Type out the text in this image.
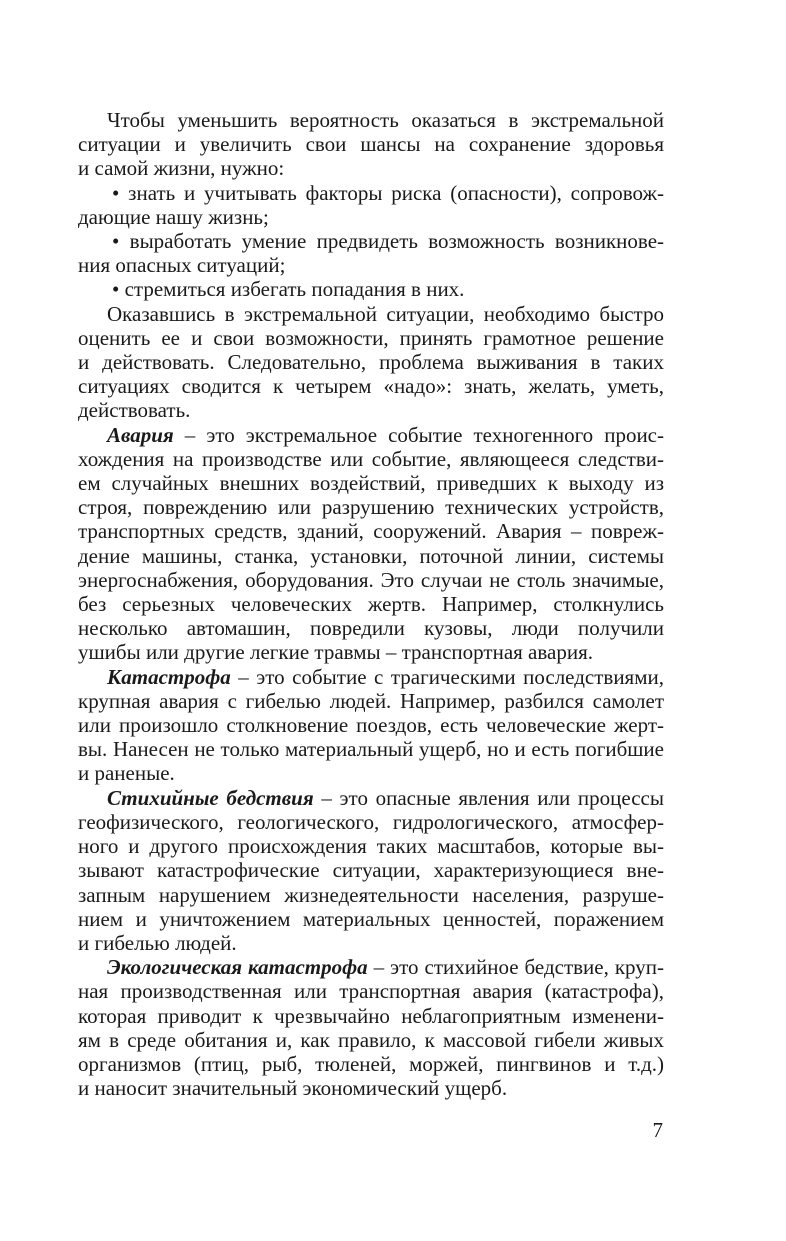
Чтобы уменьшить вероятность оказаться в экстремальной
ситуации и увеличить свои шансы на сохранение здоровья
и самой жизни, нужно:

• знать и учитывать факторы риска (опасности), сопровож-
дающие нашу жизнь;

• выработать умение предвидеть возможность возникнове-
ния опасных ситуаций;

• стремиться избегать попадания в них.

Оказавшись в экстремальной ситуации, необходимо быстро
оценить ее и свои возможности, принять грамотное решение
и действовать. Следовательно, проблема выживания в таких
ситуациях сводится к четырем «надо»: знать, желать, уметь,
действовать.

Авария – это экстремальное событие техногенного проис-
хождения на производстве или событие, являющееся следстви-
ем случайных внешних воздействий, приведших к выходу из
строя, повреждению или разрушению технических устройств,
транспортных средств, зданий, сооружений. Авария – повреж-
дение машины, станка, установки, поточной линии, системы
энергоснабжения, оборудования. Это случаи не столь значимые,
без серьезных человеческих жертв. Например, столкнулись
несколько автомашин, повредили кузовы, люди получили
ушибы или другие легкие травмы – транспортная авария.

Катастрофа – это событие с трагическими последствиями,
крупная авария с гибелью людей. Например, разбился самолет
или произошло столкновение поездов, есть человеческие жерт-
вы. Нанесен не только материальный ущерб, но и есть погибшие
и раненые.

Стихийные бедствия – это опасные явления или процессы
геофизического, геологического, гидрологического, атмосфер-
ного и другого происхождения таких масштабов, которые вы-
зывают катастрофические ситуации, характеризующиеся вне-
запным нарушением жизнедеятельности населения, разруше-
нием и уничтожением материальных ценностей, поражением
и гибелью людей.

Экологическая катастрофа – это стихийное бедствие, круп-
ная производственная или транспортная авария (катастрофа),
которая приводит к чрезвычайно неблагоприятным изменени-
ям в среде обитания и, как правило, к массовой гибели живых
организмов (птиц, рыб, тюленей, моржей, пингвинов и т.д.)
и наносит значительный экономический ущерб.

7
